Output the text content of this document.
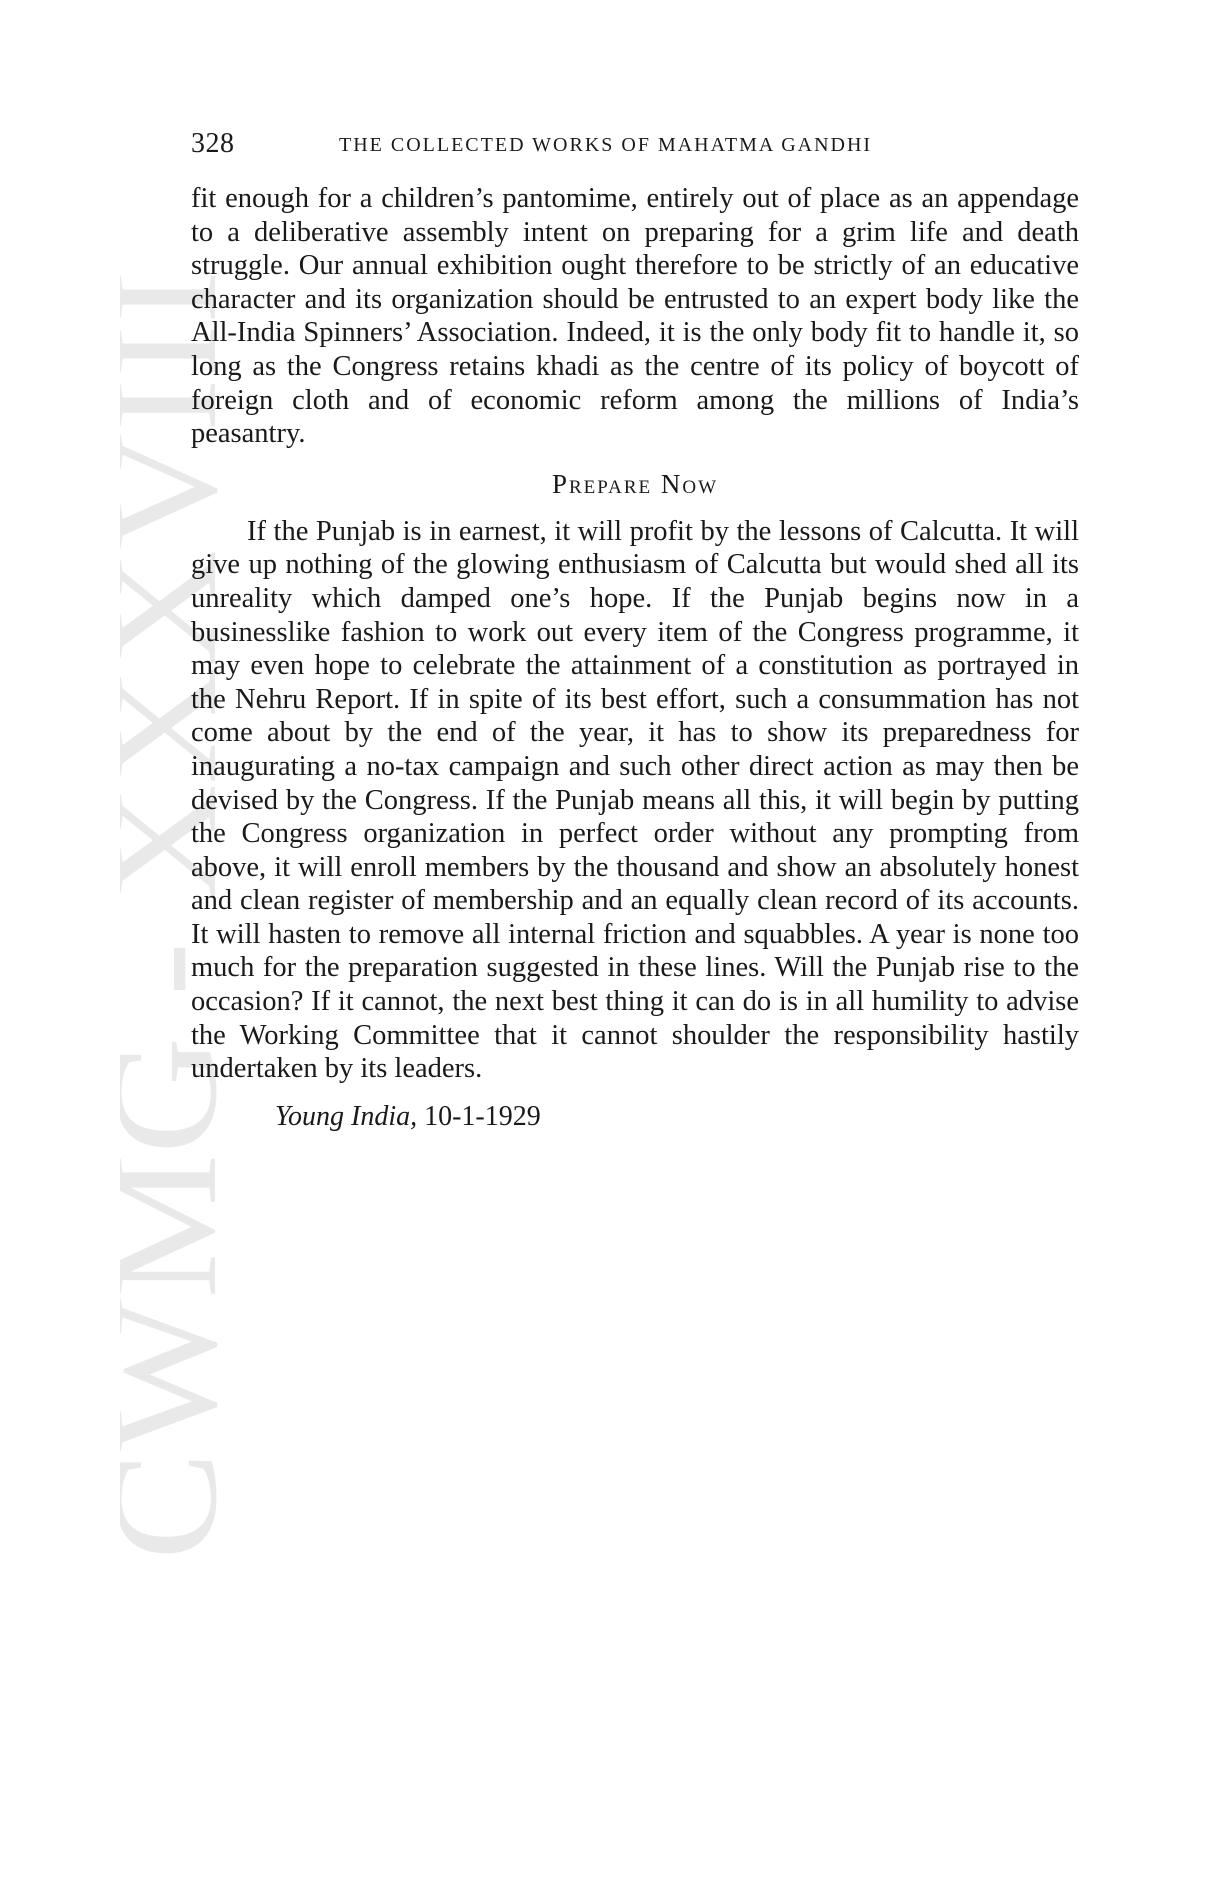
CWMG XXXVIII
328	THE COLLECTED WORKS OF MAHATMA GANDHI

fit enough for a children’s pantomime, entirely out of place as an appendage to a deliberative assembly intent on preparing for a grim life and death struggle. Our annual exhibition ought therefore to be strictly of an educative character and its organization should be entrusted to an expert body like the All-India Spinners’ Association. Indeed, it is the only body fit to handle it, so long as the Congress retains khadi as the centre of its policy of boycott of foreign cloth and of economic reform among the millions of India’s peasantry.

Prepare Now

If the Punjab is in earnest, it will profit by the lessons of Calcutta. It will give up nothing of the glowing enthusiasm of Calcutta but would shed all its unreality which damped one’s hope. If the Punjab begins now in a businesslike fashion to work out every item of the Congress programme, it may even hope to celebrate the attainment of a constitution as portrayed in the Nehru Report. If in spite of its best effort, such a consummation has not come about by the end of the year, it has to show its preparedness for inaugurating a no-tax campaign and such other direct action as may then be devised by the Congress. If the Punjab means all this, it will begin by putting the Congress organization in perfect order without any prompting from above, it will enroll members by the thousand and show an absolutely honest and clean register of membership and an equally clean record of its accounts. It will hasten to remove all internal friction and squabbles. A year is none too much for the preparation suggested in these lines. Will the Punjab rise to the occasion? If it cannot, the next best thing it can do is in all humility to advise the Working Committee that it cannot shoulder the responsibility hastily undertaken by its leaders.

Young India, 10-1-1929
